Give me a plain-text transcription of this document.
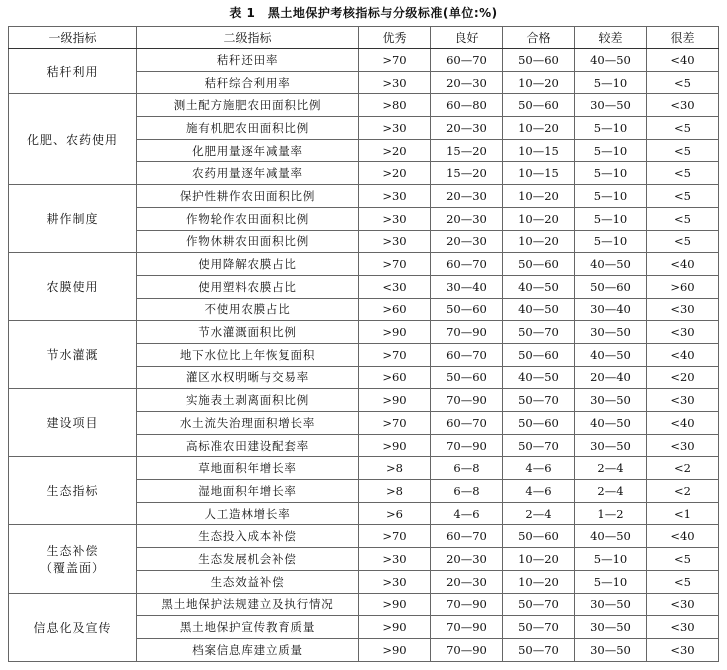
表 1　黑土地保护考核指标与分级标准(单位:%)
一级指标	二级指标	优秀	良好	合格	较差	很差
秸秆利用	秸秆还田率	>70	60—70	50—60	40—50	<40
	秸秆综合利用率	>30	20—30	10—20	5—10	<5
化肥、农药使用	测土配方施肥农田面积比例	>80	60—80	50—60	30—50	<30
	施有机肥农田面积比例	>30	20—30	10—20	5—10	<5
	化肥用量逐年减量率	>20	15—20	10—15	5—10	<5
	农药用量逐年减量率	>20	15—20	10—15	5—10	<5
耕作制度	保护性耕作农田面积比例	>30	20—30	10—20	5—10	<5
	作物轮作农田面积比例	>30	20—30	10—20	5—10	<5
	作物休耕农田面积比例	>30	20—30	10—20	5—10	<5
农膜使用	使用降解农膜占比	>70	60—70	50—60	40—50	<40
	使用塑料农膜占比	<30	30—40	40—50	50—60	>60
	不使用农膜占比	>60	50—60	40—50	30—40	<30
节水灌溉	节水灌溉面积比例	>90	70—90	50—70	30—50	<30
	地下水位比上年恢复面积	>70	60—70	50—60	40—50	<40
	灌区水权明晰与交易率	>60	50—60	40—50	20—40	<20
建设项目	实施表土剥离面积比例	>90	70—90	50—70	30—50	<30
	水土流失治理面积增长率	>70	60—70	50—60	40—50	<40
	高标准农田建设配套率	>90	70—90	50—70	30—50	<30
生态指标	草地面积年增长率	>8	6—8	4—6	2—4	<2
	湿地面积年增长率	>8	6—8	4—6	2—4	<2
	人工造林增长率	>6	4—6	2—4	1—2	<1
生态补偿
（覆盖面）	生态投入成本补偿	>70	60—70	50—60	40—50	<40
	生态发展机会补偿	>30	20—30	10—20	5—10	<5
	生态效益补偿	>30	20—30	10—20	5—10	<5
信息化及宣传	黑土地保护法规建立及执行情况	>90	70—90	50—70	30—50	<30
	黑土地保护宣传教育质量	>90	70—90	50—70	30—50	<30
	档案信息库建立质量	>90	70—90	50—70	30—50	<30
